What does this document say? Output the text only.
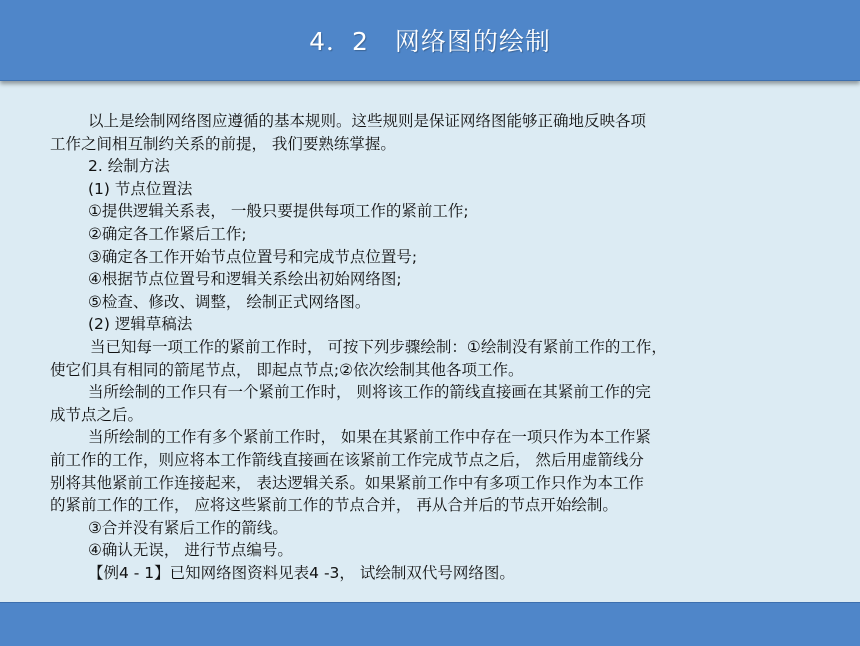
4．2　网络图的绘制
以上是绘制网络图应遵循的基本规则。这些规则是保证网络图能够正确地反映各项
工作之间相互制约关系的前提， 我们要熟练掌握。
2. 绘制方法
(1) 节点位置法
①提供逻辑关系表， 一般只要提供每项工作的紧前工作;
②确定各工作紧后工作;
③确定各工作开始节点位置号和完成节点位置号;
④根据节点位置号和逻辑关系绘出初始网络图;
⑤检查、修改、调整， 绘制正式网络图。
(2) 逻辑草稿法
当已知每一项工作的紧前工作时， 可按下列步骤绘制：①绘制没有紧前工作的工作，
使它们具有相同的箭尾节点， 即起点节点;②依次绘制其他各项工作。
当所绘制的工作只有一个紧前工作时， 则将该工作的箭线直接画在其紧前工作的完
成节点之后。
当所绘制的工作有多个紧前工作时， 如果在其紧前工作中存在一项只作为本工作紧
前工作的工作，则应将本工作箭线直接画在该紧前工作完成节点之后， 然后用虚箭线分
别将其他紧前工作连接起来， 表达逻辑关系。如果紧前工作中有多项工作只作为本工作
的紧前工作的工作， 应将这些紧前工作的节点合并， 再从合并后的节点开始绘制。
③合并没有紧后工作的箭线。
④确认无误， 进行节点编号。
【例4 - 1】已知网络图资料见表4 -3， 试绘制双代号网络图。
